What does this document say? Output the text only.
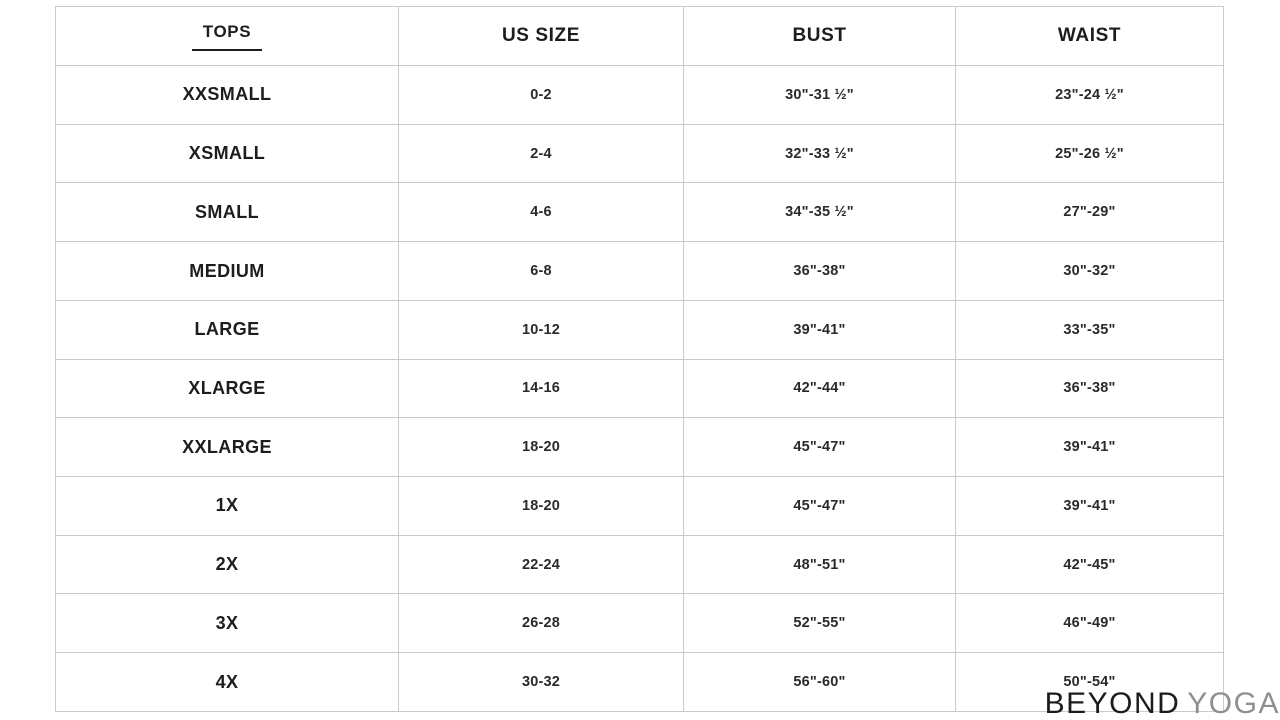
TOPS	US SIZE	BUST	WAIST
XXSMALL	0-2	30"-31 ½"	23"-24 ½"
XSMALL	2-4	32"-33 ½"	25"-26 ½"
SMALL	4-6	34"-35 ½"	27"-29"
MEDIUM	6-8	36"-38"	30"-32"
LARGE	10-12	39"-41"	33"-35"
XLARGE	14-16	42"-44"	36"-38"
XXLARGE	18-20	45"-47"	39"-41"
1X	18-20	45"-47"	39"-41"
2X	22-24	48"-51"	42"-45"
3X	26-28	52"-55"	46"-49"
4X	30-32	56"-60"	50"-54"
BEYOND YOGA
